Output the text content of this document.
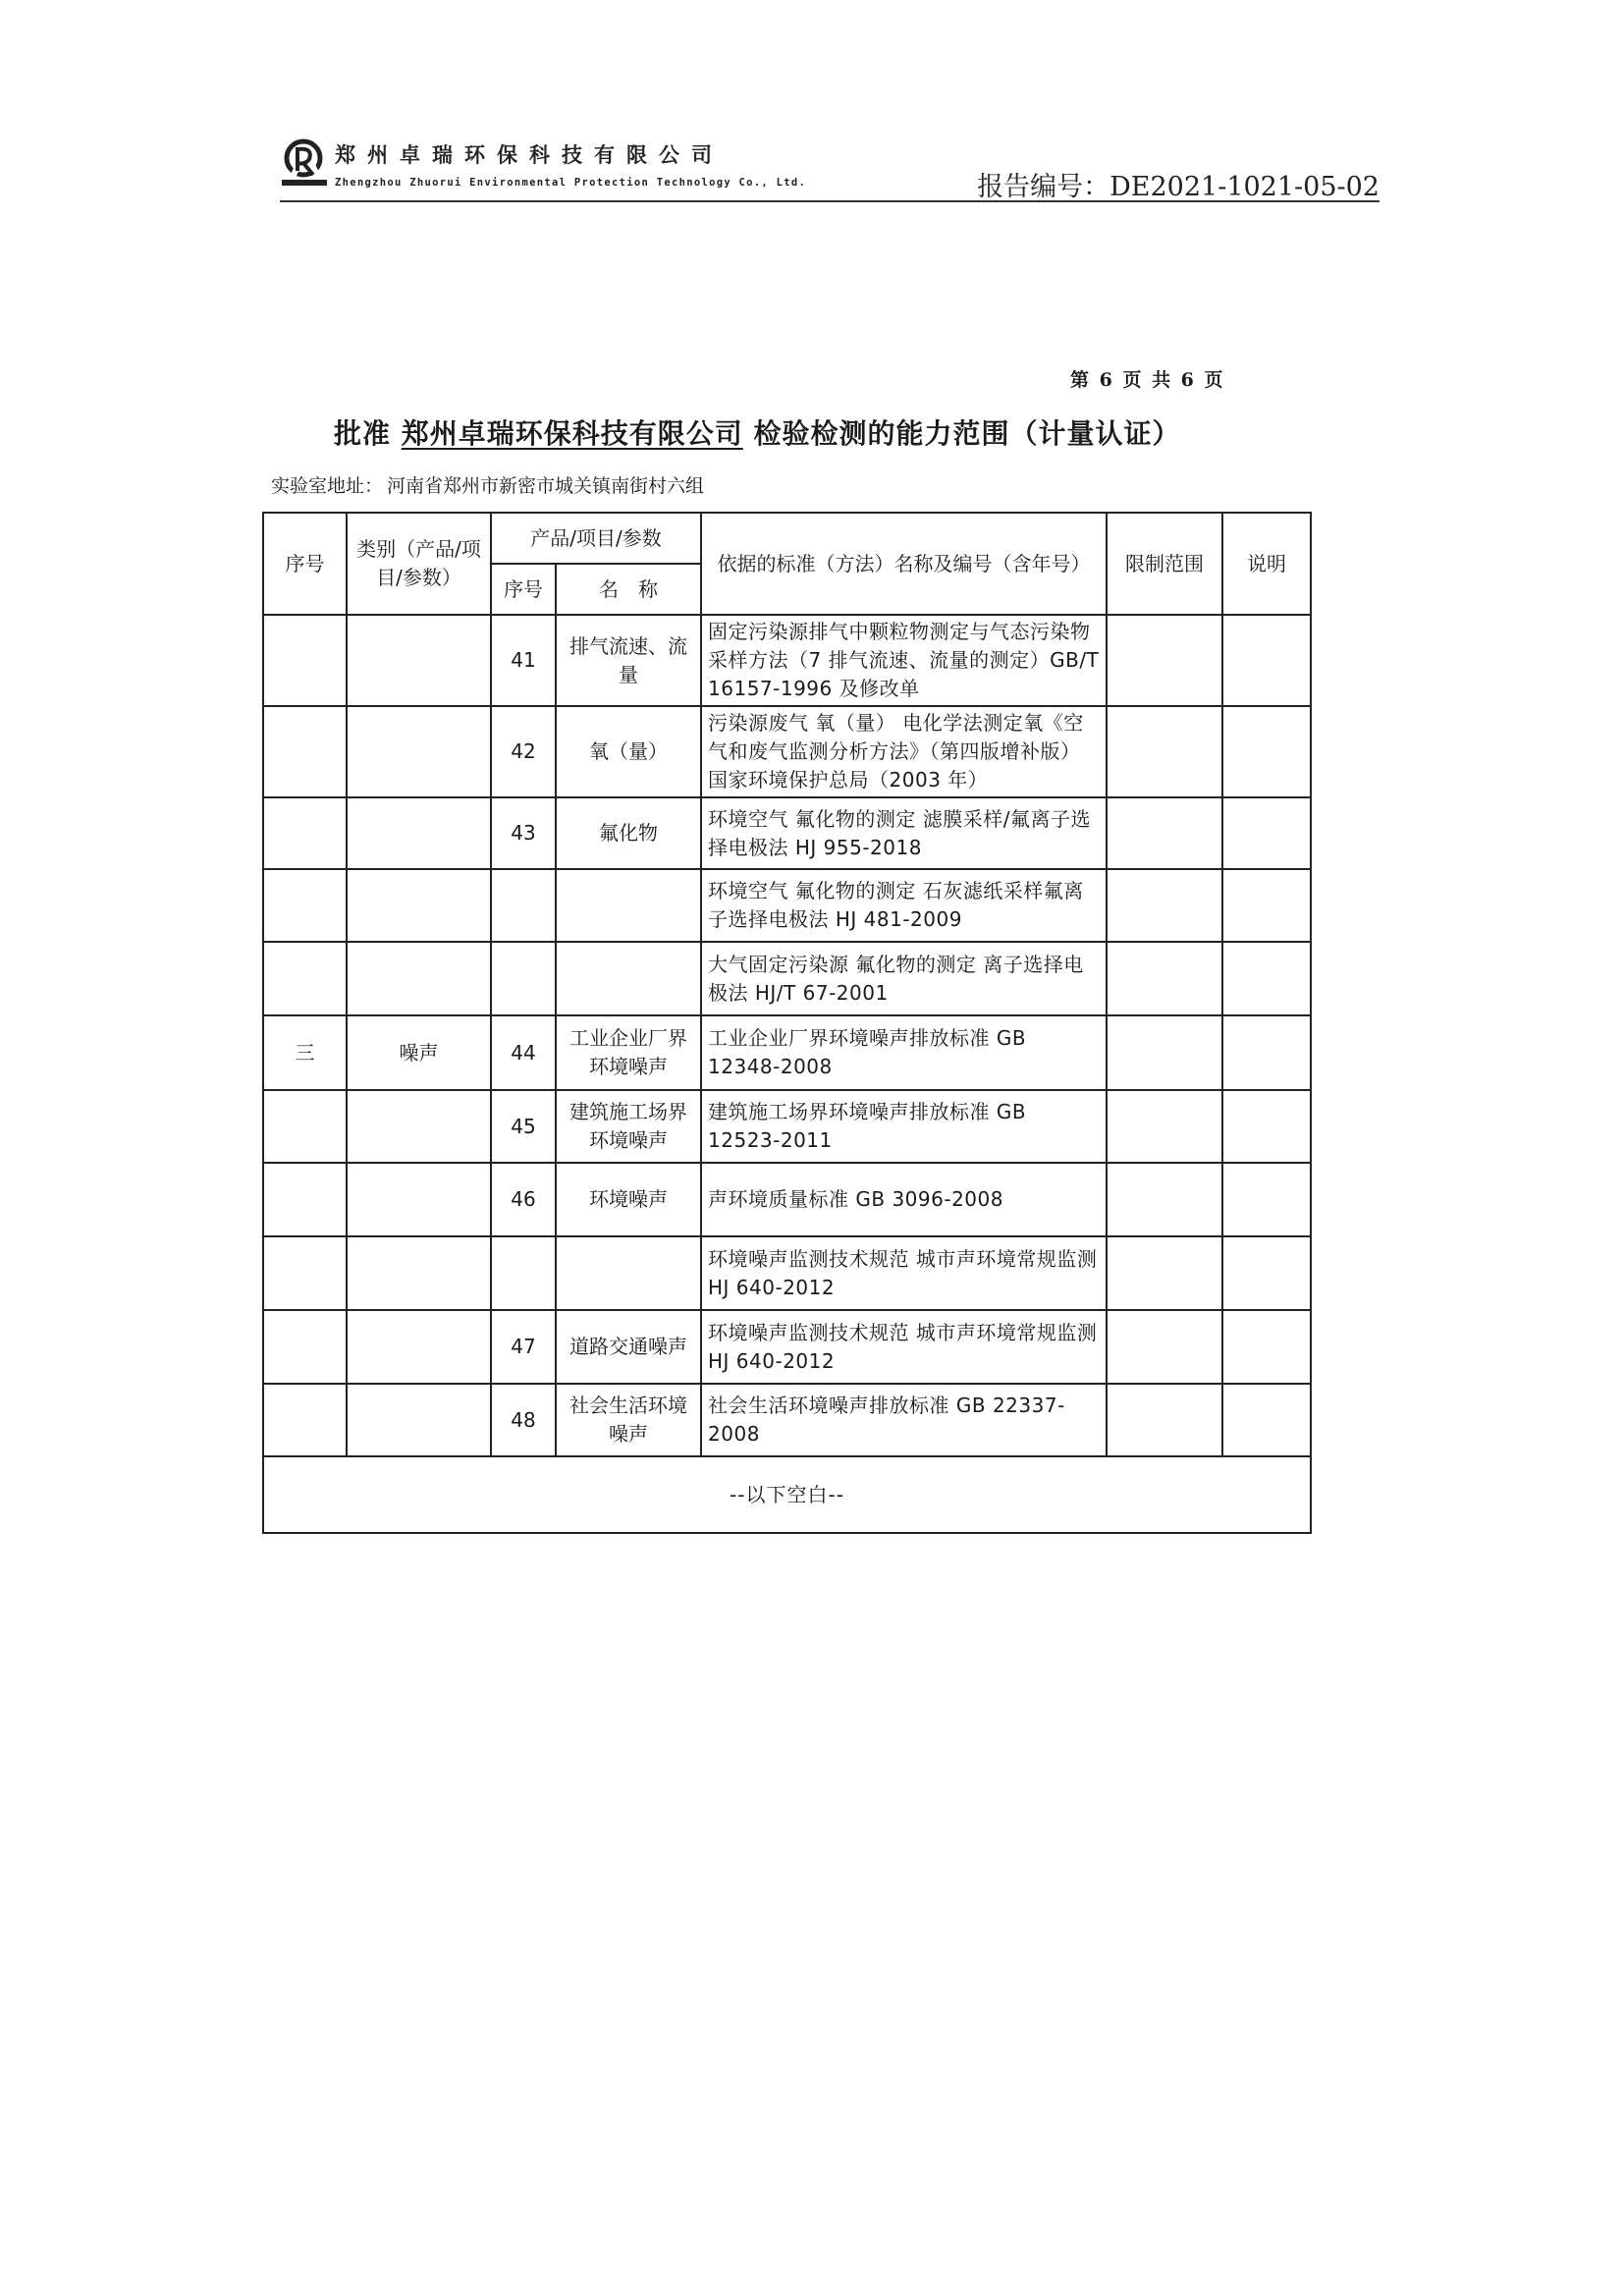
郑州卓瑞环保科技有限公司
Zhengzhou Zhuorui Environmental Protection Technology Co., Ltd.	报告编号：DE2021-1021-05-02
第 6 页 共 6 页
批准 郑州卓瑞环保科技有限公司 检验检测的能力范围（计量认证）
实验室地址： 河南省郑州市新密市城关镇南街村六组
序号	类别（产品/项目/参数）	产品/项目/参数		依据的标准（方法）名称及编号（含年号）	限制范围	说明
		序号	名　称			
		41	排气流速、流量	固定污染源排气中颗粒物测定与气态污染物采样方法（7 排气流速、流量的测定）GB/T 16157-1996 及修改单		
		42	氧（量）	污染源废气 氧（量） 电化学法测定氧《空气和废气监测分析方法》（第四版增补版）国家环境保护总局（2003 年）		
		43	氟化物	环境空气 氟化物的测定 滤膜采样/氟离子选择电极法 HJ 955-2018		
				环境空气 氟化物的测定 石灰滤纸采样氟离子选择电极法 HJ 481-2009		
				大气固定污染源 氟化物的测定 离子选择电极法 HJ/T 67-2001		
三	噪声	44	工业企业厂界环境噪声	工业企业厂界环境噪声排放标准 GB 12348-2008		
		45	建筑施工场界环境噪声	建筑施工场界环境噪声排放标准 GB 12523-2011		
		46	环境噪声	声环境质量标准 GB 3096-2008		
				环境噪声监测技术规范 城市声环境常规监测 HJ 640-2012		
		47	道路交通噪声	环境噪声监测技术规范 城市声环境常规监测 HJ 640-2012		
		48	社会生活环境噪声	社会生活环境噪声排放标准 GB 22337-2008		
--以下空白--						
